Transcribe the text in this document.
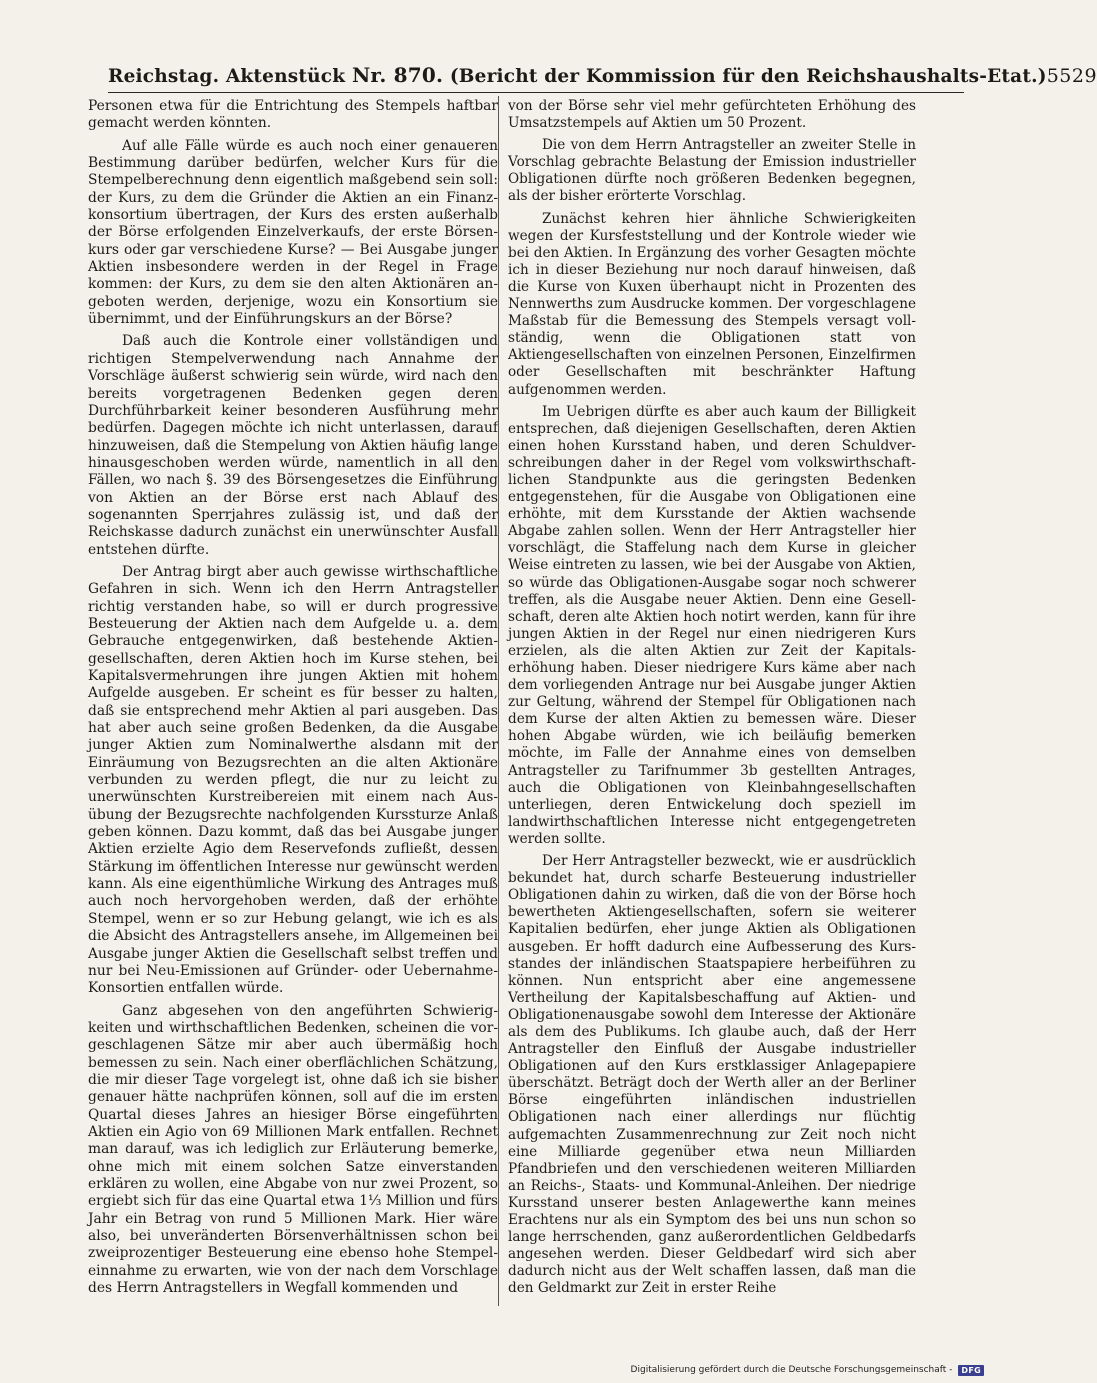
Reichstag. Aktenstück Nr. 870. (Bericht der Kommission für den Reichshaushalts-Etat.) 5529

Personen etwa für die Entrichtung des Stempels haftbar gemacht werden könnten.

Auf alle Fälle würde es auch noch einer genaueren Bestimmung darüber bedürfen, welcher Kurs für die Stempelberechnung denn eigentlich maßgebend sein soll: der Kurs, zu dem die Gründer die Aktien an ein Finanzkonsortium übertragen, der Kurs des ersten außerhalb der Börse erfolgenden Einzelverkaufs, der erste Börsenkurs oder gar verschiedene Kurse? — Bei Ausgabe junger Aktien insbesondere werden in der Regel in Frage kommen: der Kurs, zu dem sie den alten Aktionären angeboten werden, derjenige, wozu ein Konsortium sie übernimmt, und der Einführungskurs an der Börse?

Daß auch die Kontrole einer vollständigen und richtigen Stempelverwendung nach Annahme der Vorschläge äußerst schwierig sein würde, wird nach den bereits vorgetragenen Bedenken gegen deren Durchführbarkeit keiner besonderen Ausführung mehr bedürfen. Dagegen möchte ich nicht unterlassen, darauf hinzuweisen, daß die Stempelung von Aktien häufig lange hinausgeschoben werden würde, namentlich in all den Fällen, wo nach §. 39 des Börsengesetzes die Einführung von Aktien an der Börse erst nach Ablauf des sogenannten Sperrjahres zulässig ist, und daß der Reichskasse dadurch zunächst ein unerwünschter Ausfall entstehen dürfte.

Der Antrag birgt aber auch gewisse wirthschaftliche Gefahren in sich. Wenn ich den Herrn Antragsteller richtig verstanden habe, so will er durch progressive Besteuerung der Aktien nach dem Aufgelde u. a. dem Gebrauche entgegenwirken, daß bestehende Aktiengesellschaften, deren Aktien hoch im Kurse stehen, bei Kapitalsvermehrungen ihre jungen Aktien mit hohem Aufgelde ausgeben. Er scheint es für besser zu halten, daß sie entsprechend mehr Aktien al pari ausgeben. Das hat aber auch seine großen Bedenken, da die Ausgabe junger Aktien zum Nominalwerthe alsdann mit der Einräumung von Bezugsrechten an die alten Aktionäre verbunden zu werden pflegt, die nur zu leicht zu unerwünschten Kurstreibereien mit einem nach Ausübung der Bezugsrechte nachfolgenden Kurssturze Anlaß geben können. Dazu kommt, daß das bei Ausgabe junger Aktien erzielte Agio dem Reservefonds zufließt, dessen Stärkung im öffentlichen Interesse nur gewünscht werden kann. Als eine eigenthümliche Wirkung des Antrages muß auch noch hervorgehoben werden, daß der erhöhte Stempel, wenn er so zur Hebung gelangt, wie ich es als die Absicht des Antragstellers ansehe, im Allgemeinen bei Ausgabe junger Aktien die Gesellschaft selbst treffen und nur bei Neu-Emissionen auf Gründer- oder Uebernahme-Konsortien entfallen würde.

Ganz abgesehen von den angeführten Schwierigkeiten und wirthschaftlichen Bedenken, scheinen die vorgeschlagenen Sätze mir aber auch übermäßig hoch bemessen zu sein. Nach einer oberflächlichen Schätzung, die mir dieser Tage vorgelegt ist, ohne daß ich sie bisher genauer hätte nachprüfen können, soll auf die im ersten Quartal dieses Jahres an hiesiger Börse eingeführten Aktien ein Agio von 69 Millionen Mark entfallen. Rechnet man darauf, was ich lediglich zur Erläuterung bemerke, ohne mich mit einem solchen Satze einverstanden erklären zu wollen, eine Abgabe von nur zwei Prozent, so ergiebt sich für das eine Quartal etwa 1⅓ Million und fürs Jahr ein Betrag von rund 5 Millionen Mark. Hier wäre also, bei unveränderten Börsenverhältnissen schon bei zweiprozentiger Besteuerung eine ebenso hohe Stempeleinnahme zu erwarten, wie von der nach dem Vorschlage des Herrn Antragstellers in Wegfall kommenden und

von der Börse sehr viel mehr gefürchteten Erhöhung des Umsatzstempels auf Aktien um 50 Prozent.

Die von dem Herrn Antragsteller an zweiter Stelle in Vorschlag gebrachte Belastung der Emission industrieller Obligationen dürfte noch größeren Bedenken begegnen, als der bisher erörterte Vorschlag.

Zunächst kehren hier ähnliche Schwierigkeiten wegen der Kursfeststellung und der Kontrole wieder wie bei den Aktien. In Ergänzung des vorher Gesagten möchte ich in dieser Beziehung nur noch darauf hinweisen, daß die Kurse von Kuxen überhaupt nicht in Prozenten des Nennwerths zum Ausdrucke kommen. Der vorgeschlagene Maßstab für die Bemessung des Stempels versagt vollständig, wenn die Obligationen statt von Aktiengesellschaften von einzelnen Personen, Einzelfirmen oder Gesellschaften mit beschränkter Haftung aufgenommen werden.

Im Uebrigen dürfte es aber auch kaum der Billigkeit entsprechen, daß diejenigen Gesellschaften, deren Aktien einen hohen Kursstand haben, und deren Schuldverschreibungen daher in der Regel vom volkswirthschaftlichen Standpunkte aus die geringsten Bedenken entgegenstehen, für die Ausgabe von Obligationen eine erhöhte, mit dem Kursstande der Aktien wachsende Abgabe zahlen sollen. Wenn der Herr Antragsteller hier vorschlägt, die Staffelung nach dem Kurse in gleicher Weise eintreten zu lassen, wie bei der Ausgabe von Aktien, so würde das Obligationen-Ausgabe sogar noch schwerer treffen, als die Ausgabe neuer Aktien. Denn eine Gesellschaft, deren alte Aktien hoch notirt werden, kann für ihre jungen Aktien in der Regel nur einen niedrigeren Kurs erzielen, als die alten Aktien zur Zeit der Kapitalserhöhung haben. Dieser niedrigere Kurs käme aber nach dem vorliegenden Antrage nur bei Ausgabe junger Aktien zur Geltung, während der Stempel für Obligationen nach dem Kurse der alten Aktien zu bemessen wäre. Dieser hohen Abgabe würden, wie ich beiläufig bemerken möchte, im Falle der Annahme eines von demselben Antragsteller zu Tarifnummer 3b gestellten Antrages, auch die Obligationen von Kleinbahngesellschaften unterliegen, deren Entwickelung doch speziell im landwirthschaftlichen Interesse nicht entgegengetreten werden sollte.

Der Herr Antragsteller bezweckt, wie er ausdrücklich bekundet hat, durch scharfe Besteuerung industrieller Obligationen dahin zu wirken, daß die von der Börse hoch bewertheten Aktiengesellschaften, sofern sie weiterer Kapitalien bedürfen, eher junge Aktien als Obligationen ausgeben. Er hofft dadurch eine Aufbesserung des Kursstandes der inländischen Staatspapiere herbeiführen zu können. Nun entspricht aber eine angemessene Vertheilung der Kapitalsbeschaffung auf Aktien- und Obligationenausgabe sowohl dem Interesse der Aktionäre als dem des Publikums. Ich glaube auch, daß der Herr Antragsteller den Einfluß der Ausgabe industrieller Obligationen auf den Kurs erstklassiger Anlagepapiere überschätzt. Beträgt doch der Werth aller an der Berliner Börse eingeführten inländischen industriellen Obligationen nach einer allerdings nur flüchtig aufgemachten Zusammenrechnung zur Zeit noch nicht eine Milliarde gegenüber etwa neun Milliarden Pfandbriefen und den verschiedenen weiteren Milliarden an Reichs-, Staats- und Kommunal-Anleihen. Der niedrige Kursstand unserer besten Anlagewerthe kann meines Erachtens nur als ein Symptom des bei uns nun schon so lange herrschenden, ganz außerordentlichen Geldbedarfs angesehen werden. Dieser Geldbedarf wird sich aber dadurch nicht aus der Welt schaffen lassen, daß man die den Geldmarkt zur Zeit in erster Reihe

Digitalisierung gefördert durch die Deutsche Forschungsgemeinschaft -	DFG
